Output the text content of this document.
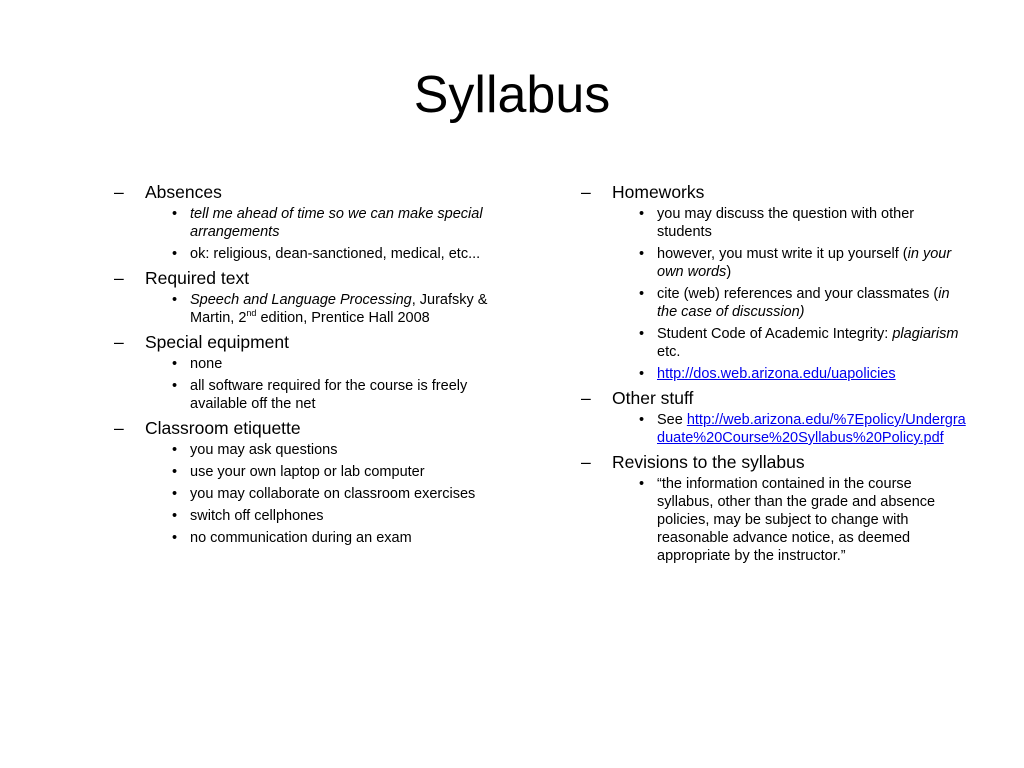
Syllabus
– Absences
• tell me ahead of time so we can make special arrangements
• ok: religious, dean-sanctioned, medical, etc...
– Required text
• Speech and Language Processing, Jurafsky & Martin, 2nd edition, Prentice Hall 2008
– Special equipment
• none
• all software required for the course is freely available off the net
– Classroom etiquette
• you may ask questions
• use your own laptop or lab computer
• you may collaborate on classroom exercises
• switch off cellphones
• no communication during an exam
– Homeworks
• you may discuss the question with other students
• however, you must write it up yourself (in your own words)
• cite (web) references and your classmates (in the case of discussion)
• Student Code of Academic Integrity: plagiarism etc.
• http://dos.web.arizona.edu/uapolicies
– Other stuff
• See http://web.arizona.edu/%7Epolicy/Undergraduate%20Course%20Syllabus%20Policy.pdf
– Revisions to the syllabus
• “the information contained in the course syllabus, other than the grade and absence policies, may be subject to change with reasonable advance notice, as deemed appropriate by the instructor.”
